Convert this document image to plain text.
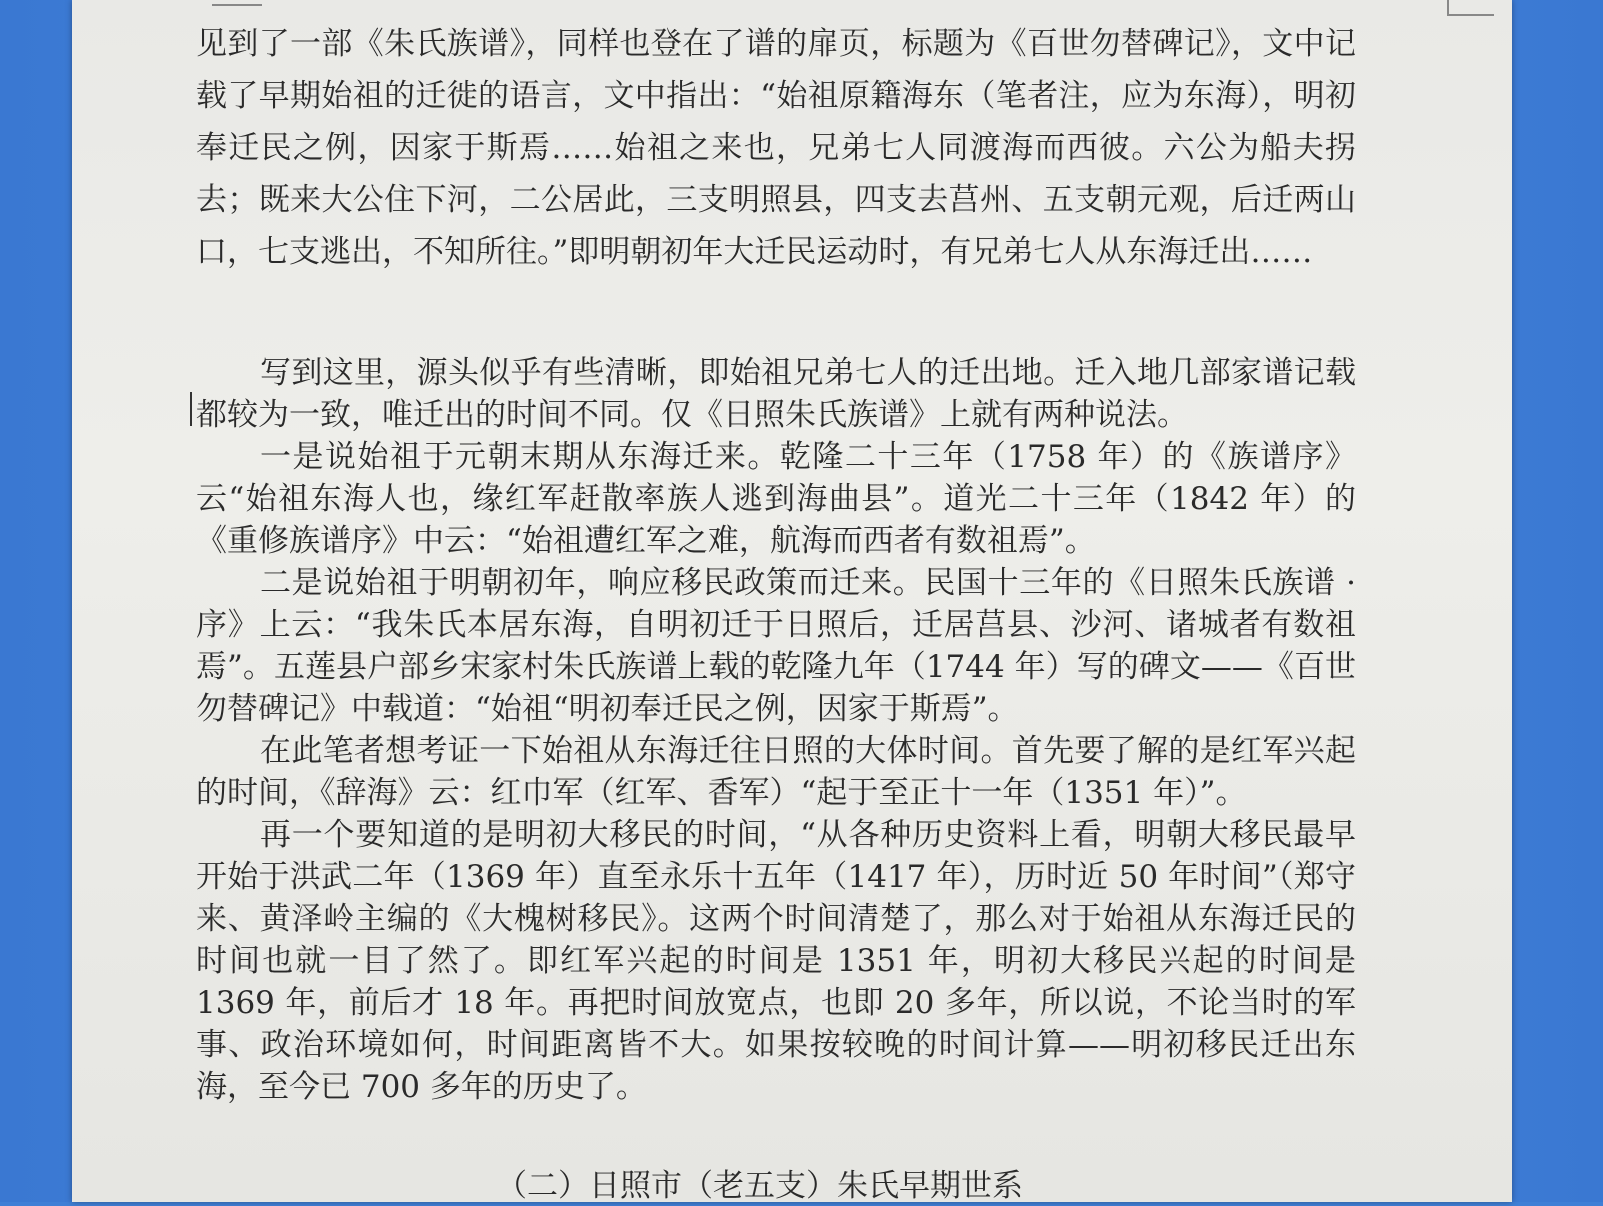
见到了一部《朱氏族谱》，同样也登在了谱的扉页，标题为《百世勿替碑记》，文中记载了早期始祖的迁徙的语言，文中指出：“始祖原籍海东（笔者注，应为东海），明初奉迁民之例，因家于斯焉……始祖之来也，兄弟七人同渡海而西彼。六公为船夫拐去；既来大公住下河，二公居此，三支明照县，四支去莒州、五支朝元观，后迁两山口，七支逃出，不知所往。”即明朝初年大迁民运动时，有兄弟七人从东海迁出……

写到这里，源头似乎有些清晰，即始祖兄弟七人的迁出地。迁入地几部家谱记载都较为一致，唯迁出的时间不同。仅《日照朱氏族谱》上就有两种说法。

一是说始祖于元朝末期从东海迁来。乾隆二十三年（1758 年）的《族谱序》云“始祖东海人也，缘红军赶散率族人逃到海曲县”。道光二十三年（1842 年）的《重修族谱序》中云：“始祖遭红军之难，航海而西者有数祖焉”。

二是说始祖于明朝初年，响应移民政策而迁来。民国十三年的《日照朱氏族谱 · 序》上云：“我朱氏本居东海，自明初迁于日照后，迁居莒县、沙河、诸城者有数祖焉”。五莲县户部乡宋家村朱氏族谱上载的乾隆九年（1744 年）写的碑文——《百世勿替碑记》中载道：“始祖“明初奉迁民之例，因家于斯焉”。

在此笔者想考证一下始祖从东海迁往日照的大体时间。首先要了解的是红军兴起的时间，《辞海》云：红巾军（红军、香军）“起于至正十一年（1351 年）”。

再一个要知道的是明初大移民的时间，“从各种历史资料上看，明朝大移民最早开始于洪武二年（1369 年）直至永乐十五年（1417 年），历时近 50 年时间”（郑守来、黄泽岭主编的《大槐树移民》。这两个时间清楚了，那么对于始祖从东海迁民的时间也就一目了然了。即红军兴起的时间是 1351 年，明初大移民兴起的时间是 1369 年，前后才 18 年。再把时间放宽点，也即 20 多年，所以说，不论当时的军事、政治环境如何，时间距离皆不大。如果按较晚的时间计算——明初移民迁出东海，至今已 700 多年的历史了。

（二）日照市（老五支）朱氏早期世系
